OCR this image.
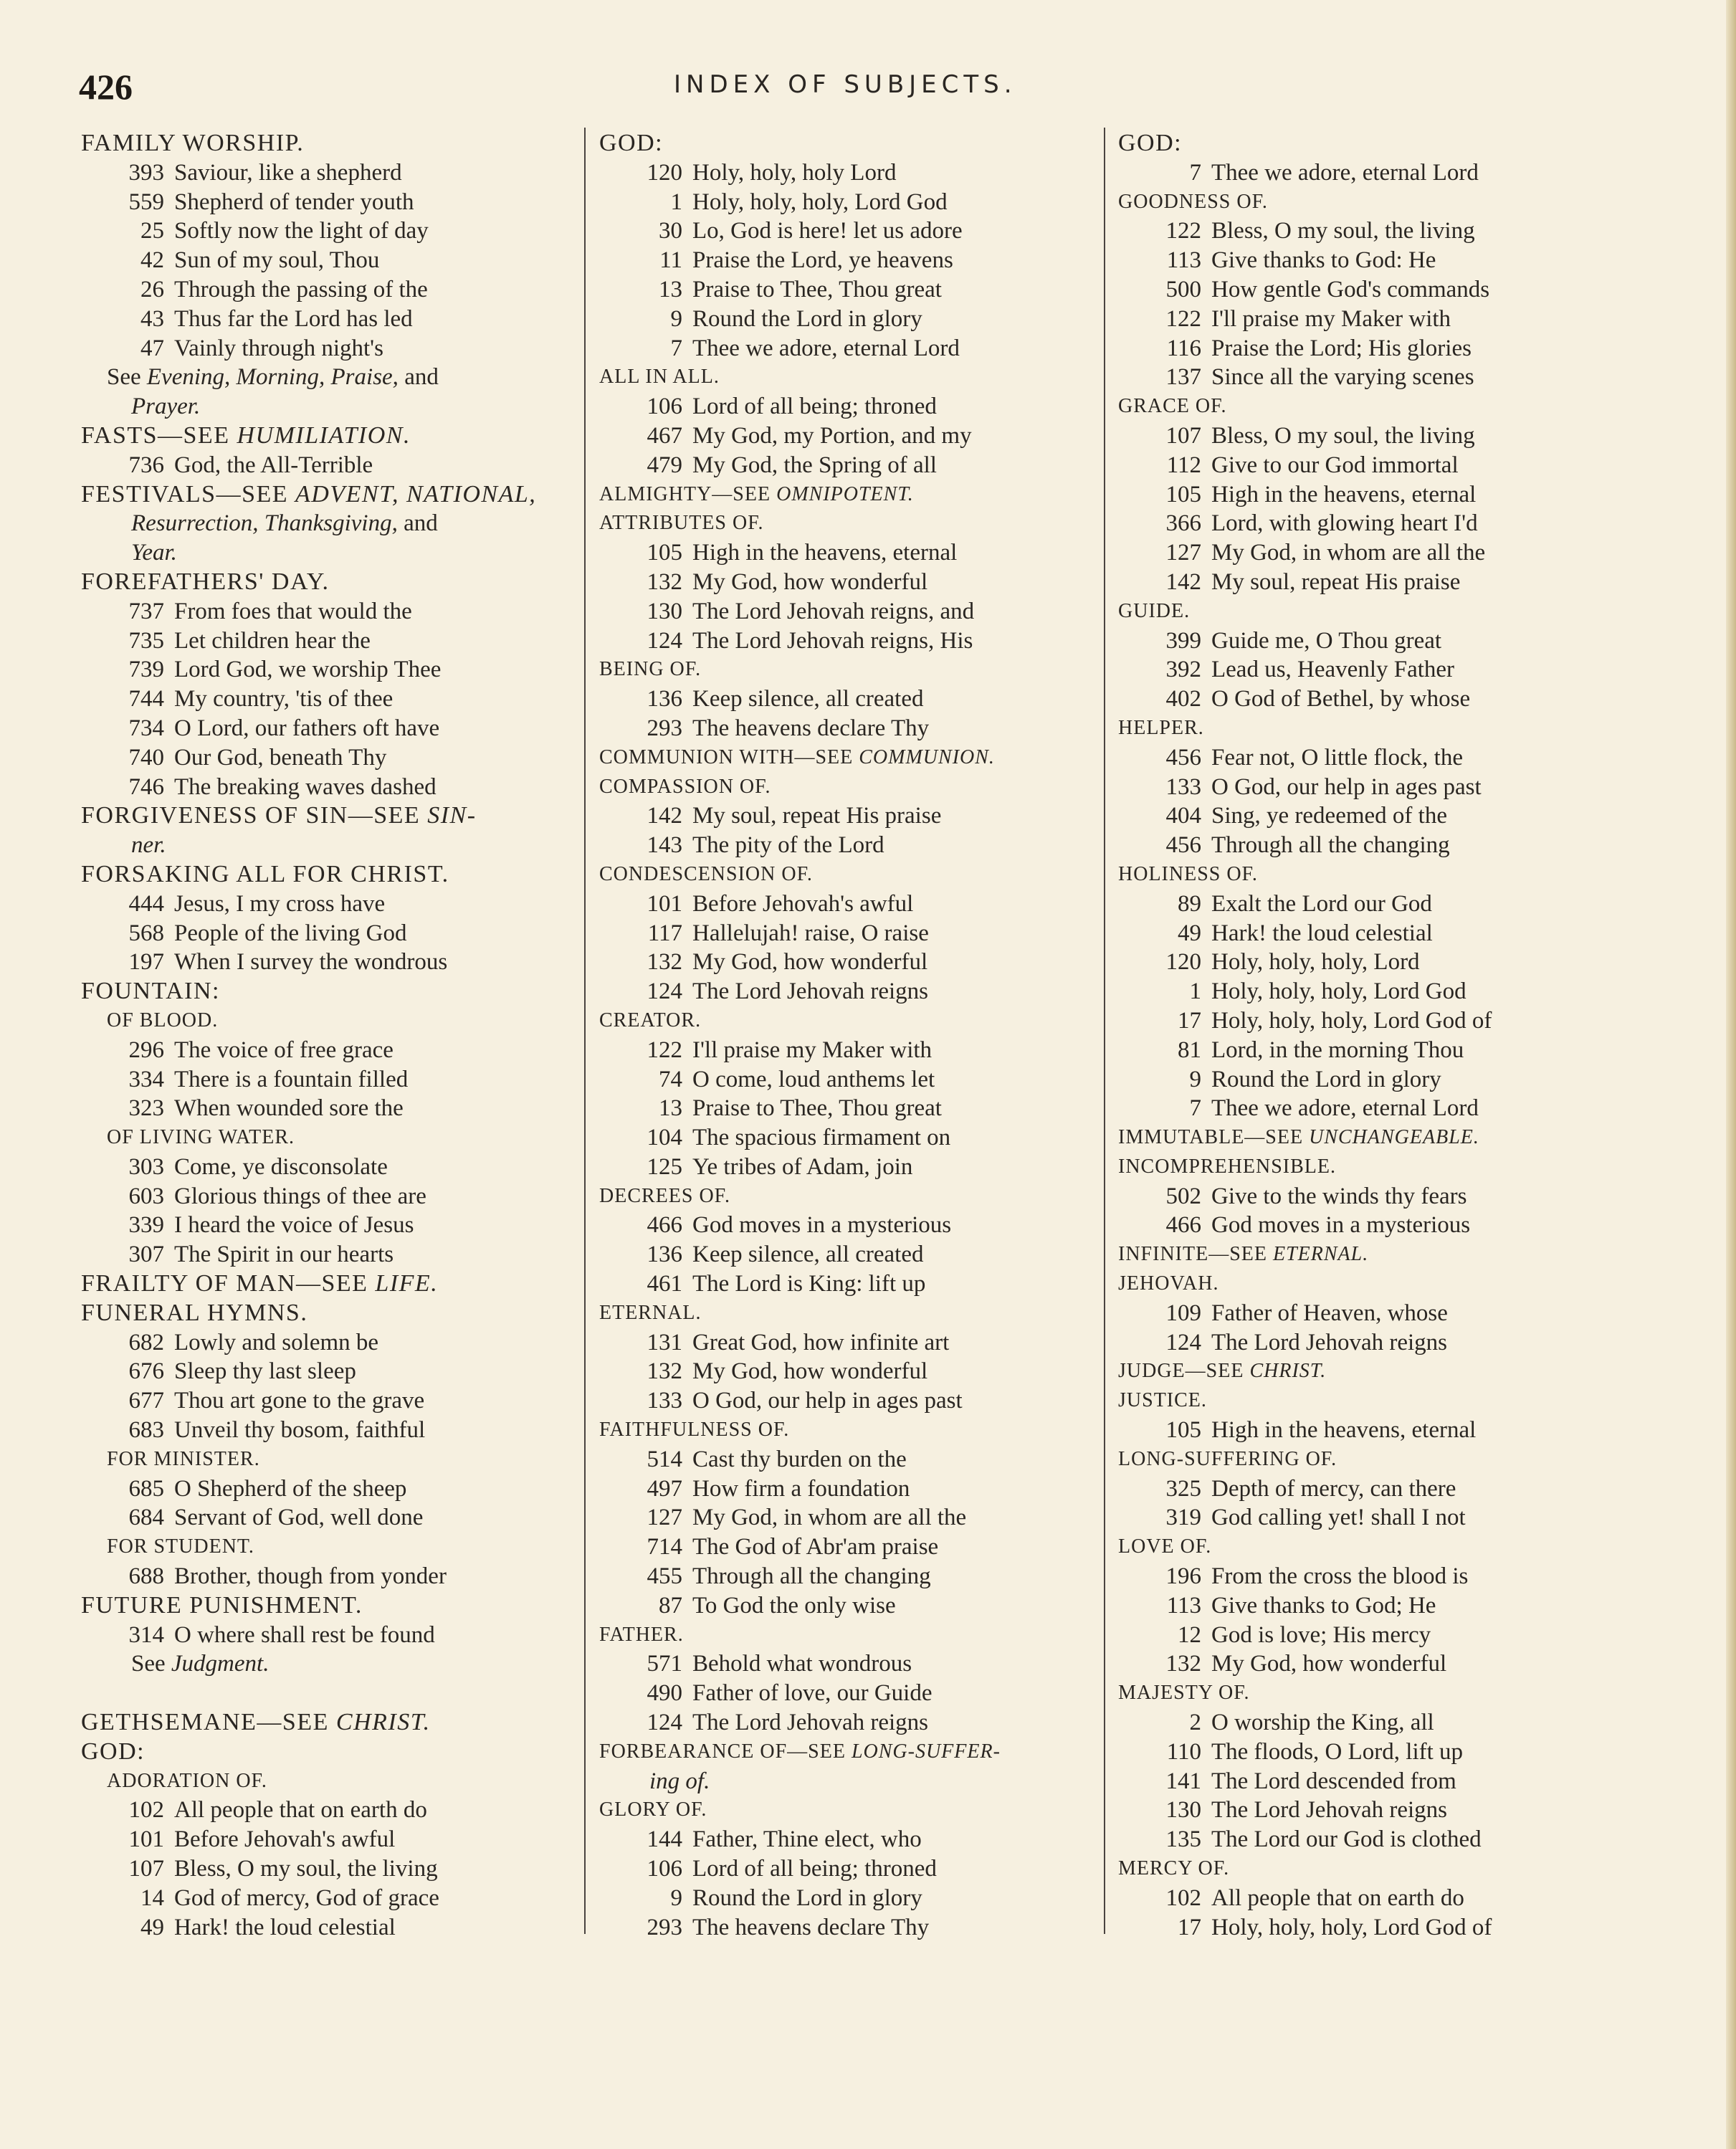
426	INDEX OF SUBJECTS.
FAMILY WORSHIP.
393 Saviour, like a shepherd
559 Shepherd of tender youth
25 Softly now the light of day
42 Sun of my soul, Thou
26 Through the passing of the
43 Thus far the Lord has led
47 Vainly through night's
See Evening, Morning, Praise, and
Prayer.
FASTS—SEE HUMILIATION.
736 God, the All-Terrible
FESTIVALS—SEE ADVENT, NATIONAL,
Resurrection, Thanksgiving, and
Year.
FOREFATHERS' DAY.
737 From foes that would the
735 Let children hear the
739 Lord God, we worship Thee
744 My country, 'tis of thee
734 O Lord, our fathers oft have
740 Our God, beneath Thy
746 The breaking waves dashed
FORGIVENESS OF SIN—SEE SIN-
ner.
FORSAKING ALL FOR CHRIST.
444 Jesus, I my cross have
568 People of the living God
197 When I survey the wondrous
FOUNTAIN:
OF BLOOD.
296 The voice of free grace
334 There is a fountain filled
323 When wounded sore the
OF LIVING WATER.
303 Come, ye disconsolate
603 Glorious things of thee are
339 I heard the voice of Jesus
307 The Spirit in our hearts
FRAILTY OF MAN—SEE LIFE.
FUNERAL HYMNS.
682 Lowly and solemn be
676 Sleep thy last sleep
677 Thou art gone to the grave
683 Unveil thy bosom, faithful
FOR MINISTER.
685 O Shepherd of the sheep
684 Servant of God, well done
FOR STUDENT.
688 Brother, though from yonder
FUTURE PUNISHMENT.
314 O where shall rest be found
See Judgment.
GETHSEMANE—SEE CHRIST.
GOD:
ADORATION OF.
102 All people that on earth do
101 Before Jehovah's awful
107 Bless, O my soul, the living
14 God of mercy, God of grace
49 Hark! the loud celestial
GOD:
120 Holy, holy, holy Lord
1 Holy, holy, holy, Lord God
30 Lo, God is here! let us adore
11 Praise the Lord, ye heavens
13 Praise to Thee, Thou great
9 Round the Lord in glory
7 Thee we adore, eternal Lord
ALL IN ALL.
106 Lord of all being; throned
467 My God, my Portion, and my
479 My God, the Spring of all
ALMIGHTY—SEE OMNIPOTENT.
ATTRIBUTES OF.
105 High in the heavens, eternal
132 My God, how wonderful
130 The Lord Jehovah reigns, and
124 The Lord Jehovah reigns, His
BEING OF.
136 Keep silence, all created
293 The heavens declare Thy
COMMUNION WITH—SEE COMMUNION.
COMPASSION OF.
142 My soul, repeat His praise
143 The pity of the Lord
CONDESCENSION OF.
101 Before Jehovah's awful
117 Hallelujah! raise, O raise
132 My God, how wonderful
124 The Lord Jehovah reigns
CREATOR.
122 I'll praise my Maker with
74 O come, loud anthems let
13 Praise to Thee, Thou great
104 The spacious firmament on
125 Ye tribes of Adam, join
DECREES OF.
466 God moves in a mysterious
136 Keep silence, all created
461 The Lord is King: lift up
ETERNAL.
131 Great God, how infinite art
132 My God, how wonderful
133 O God, our help in ages past
FAITHFULNESS OF.
514 Cast thy burden on the
497 How firm a foundation
127 My God, in whom are all the
714 The God of Abr'am praise
455 Through all the changing
87 To God the only wise
FATHER.
571 Behold what wondrous
490 Father of love, our Guide
124 The Lord Jehovah reigns
FORBEARANCE OF—SEE LONG-SUFFER-
ing of.
GLORY OF.
144 Father, Thine elect, who
106 Lord of all being; throned
9 Round the Lord in glory
293 The heavens declare Thy
GOD:
7 Thee we adore, eternal Lord
GOODNESS OF.
122 Bless, O my soul, the living
113 Give thanks to God: He
500 How gentle God's commands
122 I'll praise my Maker with
116 Praise the Lord; His glories
137 Since all the varying scenes
GRACE OF.
107 Bless, O my soul, the living
112 Give to our God immortal
105 High in the heavens, eternal
366 Lord, with glowing heart I'd
127 My God, in whom are all the
142 My soul, repeat His praise
GUIDE.
399 Guide me, O Thou great
392 Lead us, Heavenly Father
402 O God of Bethel, by whose
HELPER.
456 Fear not, O little flock, the
133 O God, our help in ages past
404 Sing, ye redeemed of the
456 Through all the changing
HOLINESS OF.
89 Exalt the Lord our God
49 Hark! the loud celestial
120 Holy, holy, holy, Lord
1 Holy, holy, holy, Lord God
17 Holy, holy, holy, Lord God of
81 Lord, in the morning Thou
9 Round the Lord in glory
7 Thee we adore, eternal Lord
IMMUTABLE—SEE UNCHANGEABLE.
INCOMPREHENSIBLE.
502 Give to the winds thy fears
466 God moves in a mysterious
INFINITE—SEE ETERNAL.
JEHOVAH.
109 Father of Heaven, whose
124 The Lord Jehovah reigns
JUDGE—SEE CHRIST.
JUSTICE.
105 High in the heavens, eternal
LONG-SUFFERING OF.
325 Depth of mercy, can there
319 God calling yet! shall I not
LOVE OF.
196 From the cross the blood is
113 Give thanks to God; He
12 God is love; His mercy
132 My God, how wonderful
MAJESTY OF.
2 O worship the King, all
110 The floods, O Lord, lift up
141 The Lord descended from
130 The Lord Jehovah reigns
135 The Lord our God is clothed
MERCY OF.
102 All people that on earth do
17 Holy, holy, holy, Lord God of
